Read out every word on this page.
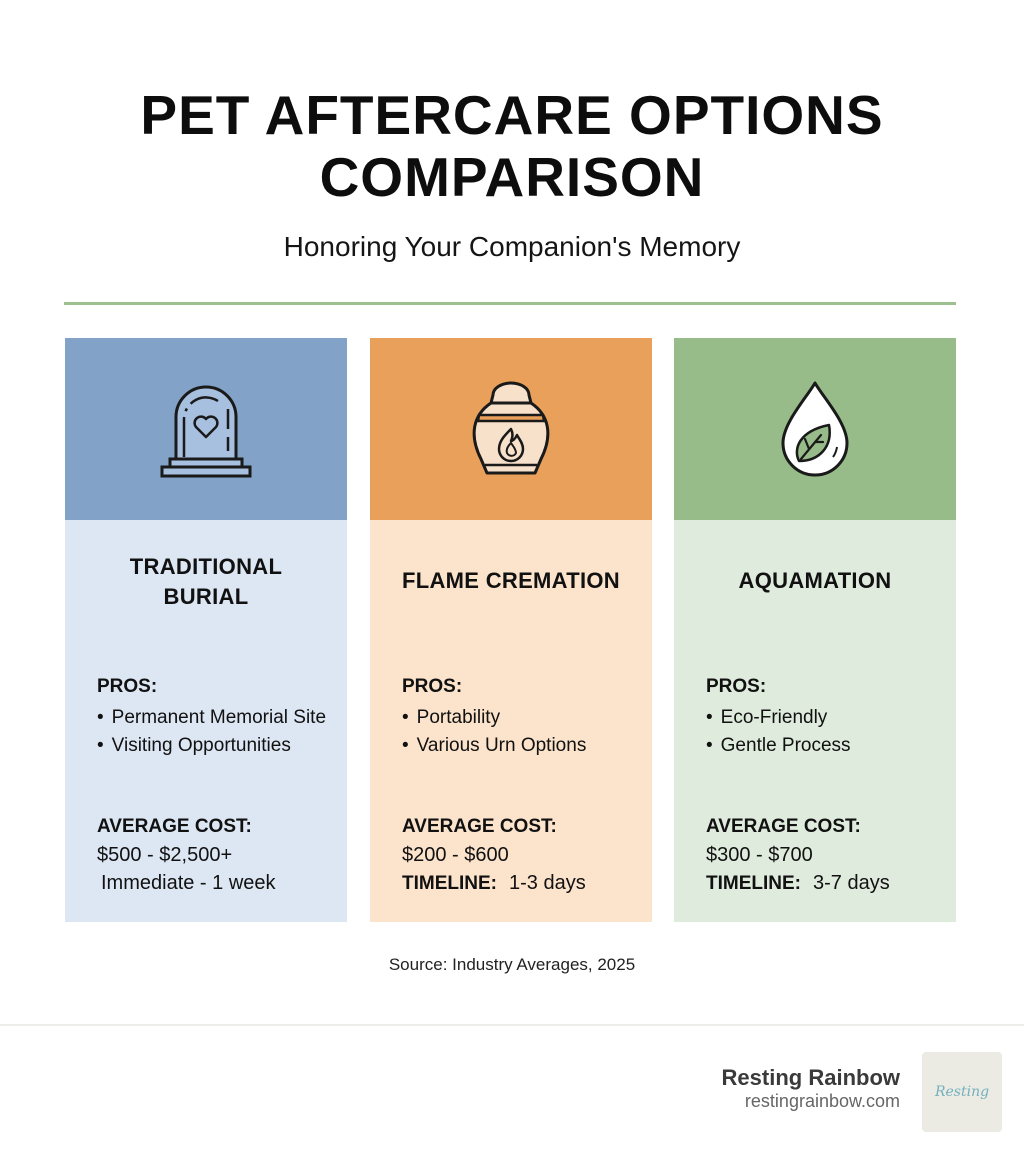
PET AFTERCARE OPTIONS
COMPARISON
Honoring Your Companion's Memory
TRADITIONAL
BURIAL
PROS:
• Permanent Memorial Site
• Visiting Opportunities
AVERAGE COST:
$500 - $2,500+
Immediate - 1 week
FLAME CREMATION
PROS:
• Portability
• Various Urn Options
AVERAGE COST:
$200 - $600
TIMELINE: 1-3 days
AQUAMATION
PROS:
• Eco-Friendly
• Gentle Process
AVERAGE COST:
$300 - $700
TIMELINE: 3-7 days
Source: Industry Averages, 2025
Resting Rainbow
restingrainbow.com Resting
